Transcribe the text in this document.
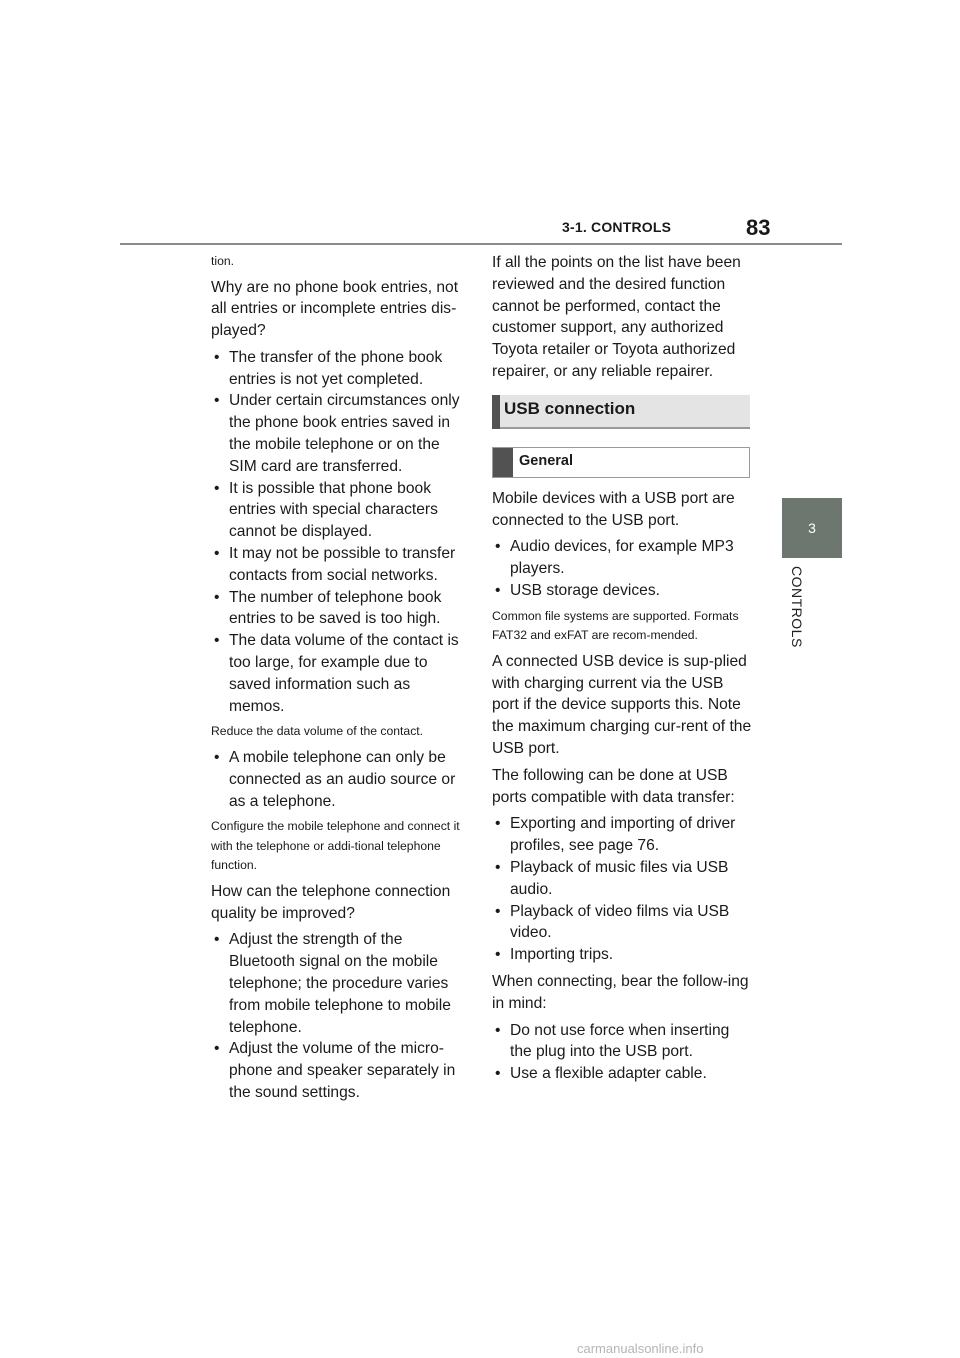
3-1. CONTROLS	83
3
CONTROLS

tion.

Why are no phone book entries, not all entries or incomplete entries dis-played?

• The transfer of the phone book entries is not yet completed.
• Under certain circumstances only the phone book entries saved in the mobile telephone or on the SIM card are transferred.
• It is possible that phone book entries with special characters cannot be displayed.
• It may not be possible to transfer contacts from social networks.
• The number of telephone book entries to be saved is too high.
• The data volume of the contact is too large, for example due to saved information such as memos.

Reduce the data volume of the contact.

• A mobile telephone can only be connected as an audio source or as a telephone.

Configure the mobile telephone and connect it with the telephone or addi-tional telephone function.

How can the telephone connection quality be improved?

• Adjust the strength of the Bluetooth signal on the mobile telephone; the procedure varies from mobile telephone to mobile telephone.
• Adjust the volume of the micro-phone and speaker separately in the sound settings.

If all the points on the list have been reviewed and the desired function cannot be performed, contact the customer support, any authorized Toyota retailer or Toyota authorized repairer, or any reliable repairer.

USB connection
General

Mobile devices with a USB port are connected to the USB port.

• Audio devices, for example MP3 players.
• USB storage devices.

Common file systems are supported. Formats FAT32 and exFAT are recom-mended.

A connected USB device is sup-plied with charging current via the USB port if the device supports this. Note the maximum charging cur-rent of the USB port.

The following can be done at USB ports compatible with data transfer:

• Exporting and importing of driver profiles, see page 76.
• Playback of music files via USB audio.
• Playback of video films via USB video.
• Importing trips.

When connecting, bear the follow-ing in mind:

• Do not use force when inserting the plug into the USB port.
• Use a flexible adapter cable.
carmanualsonline.info
